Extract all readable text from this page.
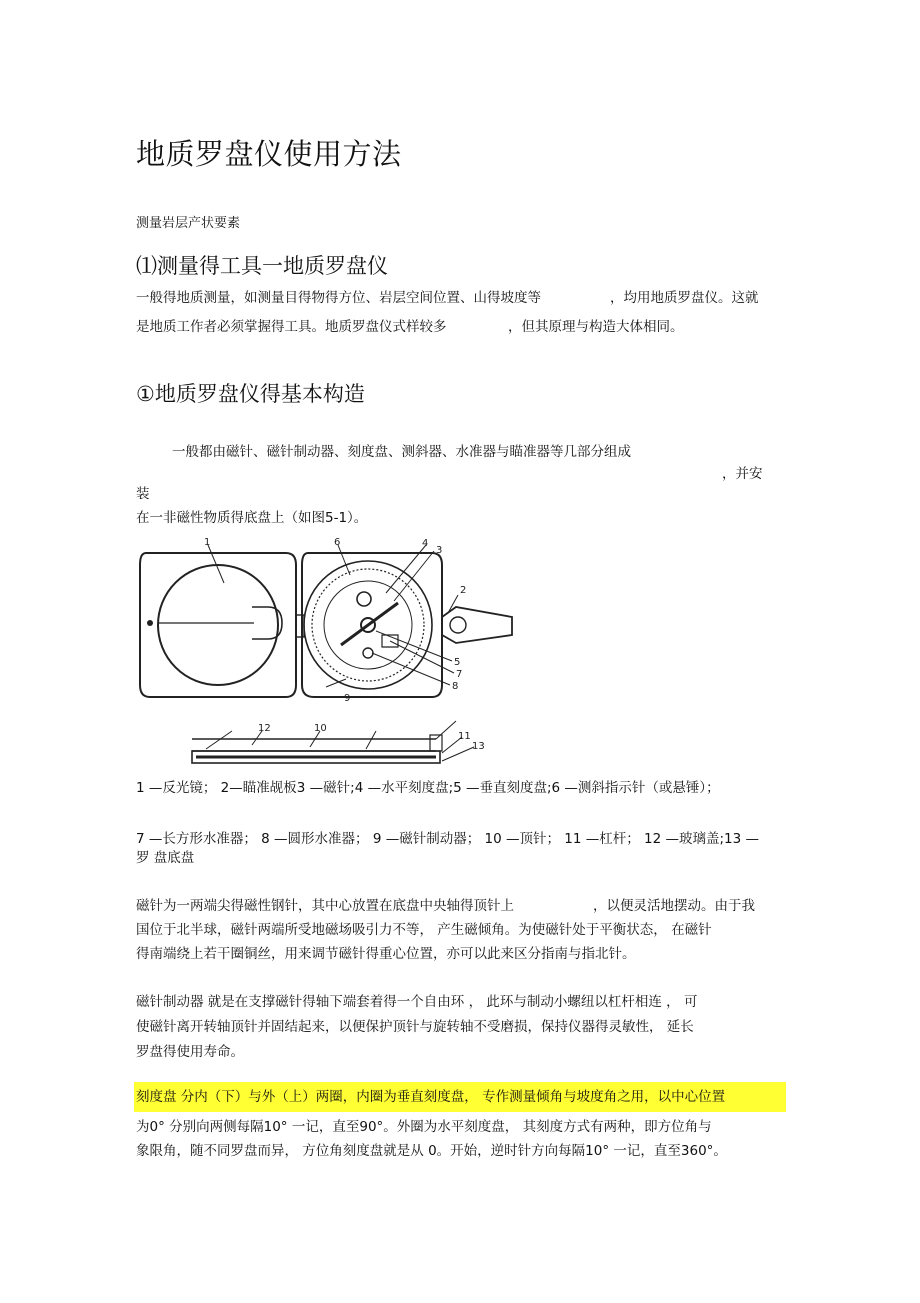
地质罗盘仪使用方法
测量岩层产状要素
⑴测量得工具一地质罗盘仪
一般得地质测量，如测量目得物得方位、岩层空间位置、山得坡度等	，均用地质罗盘仪。这就
是地质工作者必须掌握得工具。地质罗盘仪式样较多	，但其原理与构造大体相同。
①地质罗盘仪得基本构造
一般都由磁针、磁针制动器、刻度盘、测斜器、水准器与瞄准器等几部分组成
，并安
装
在一非磁性物质得底盘上（如图5-1）。
1
2
3
4
5
6
7
8
9
10
11
12
13
1 —反光镜； 2—瞄准觇板3 —磁针;4 —水平刻度盘;5 —垂直刻度盘;6 —测斜指示针（或悬锤）；
7 —长方形水准器； 8 —圆形水准器； 9 —磁针制动器； 10 —顶针； 11 —杠杆； 12 —玻璃盖;13 —
罗 盘底盘
磁针为一两端尖得磁性钢针，其中心放置在底盘中央轴得顶针上	，以便灵活地摆动。由于我
国位于北半球，磁针两端所受地磁场吸引力不等， 产生磁倾角。为使磁针处于平衡状态， 在磁针
得南端绕上若干圈铜丝，用来调节磁针得重心位置，亦可以此来区分指南与指北针。
磁针制动器 就是在支撑磁针得轴下端套着得一个自由环 ， 此环与制动小螺纽以杠杆相连 ， 可
使磁针离开转轴顶针并固结起来，以便保护顶针与旋转轴不受磨损，保持仪器得灵敏性， 延长
罗盘得使用寿命。
刻度盘 分内（下）与外（上）两圈，内圈为垂直刻度盘， 专作测量倾角与坡度角之用，以中心位置
为0° 分别向两侧每隔10° 一记，直至90°。外圈为水平刻度盘， 其刻度方式有两种，即方位角与
象限角，随不同罗盘而异， 方位角刻度盘就是从 0。开始，逆时针方向每隔10° 一记，直至360°。
